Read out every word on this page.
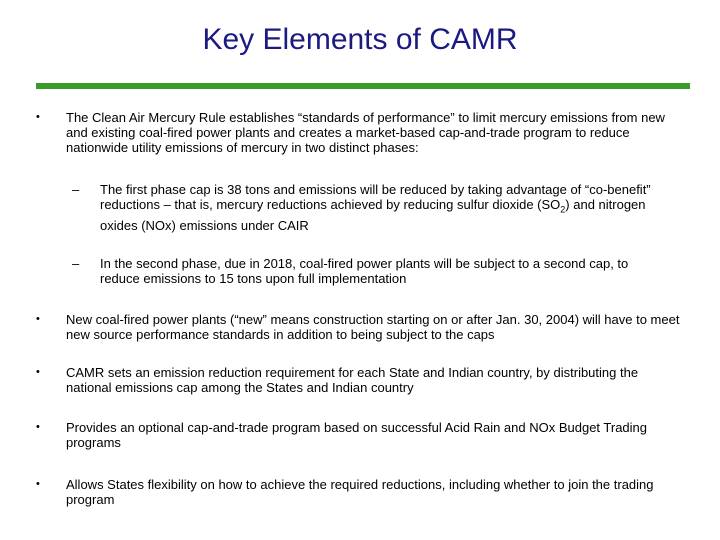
Key Elements of CAMR
• The Clean Air Mercury Rule establishes “standards of performance” to limit mercury emissions from new and existing coal-fired power plants and creates a market-based cap-and-trade program to reduce nationwide utility emissions of mercury in two distinct phases:
– The first phase cap is 38 tons and emissions will be reduced by taking advantage of “co-benefit” reductions – that is, mercury reductions achieved by reducing sulfur dioxide $(SO_2)$ and nitrogen oxides (NOx) emissions under CAIR
– In the second phase, due in 2018, coal-fired power plants will be subject to a second cap, to reduce emissions to 15 tons upon full implementation
• New coal-fired power plants (“new” means construction starting on or after Jan. 30, 2004) will have to meet new source performance standards in addition to being subject to the caps
• CAMR sets an emission reduction requirement for each State and Indian country, by distributing the national emissions cap among the States and Indian country
• Provides an optional cap-and-trade program based on successful Acid Rain and NOx Budget Trading programs
• Allows States flexibility on how to achieve the required reductions, including whether to join the trading program
